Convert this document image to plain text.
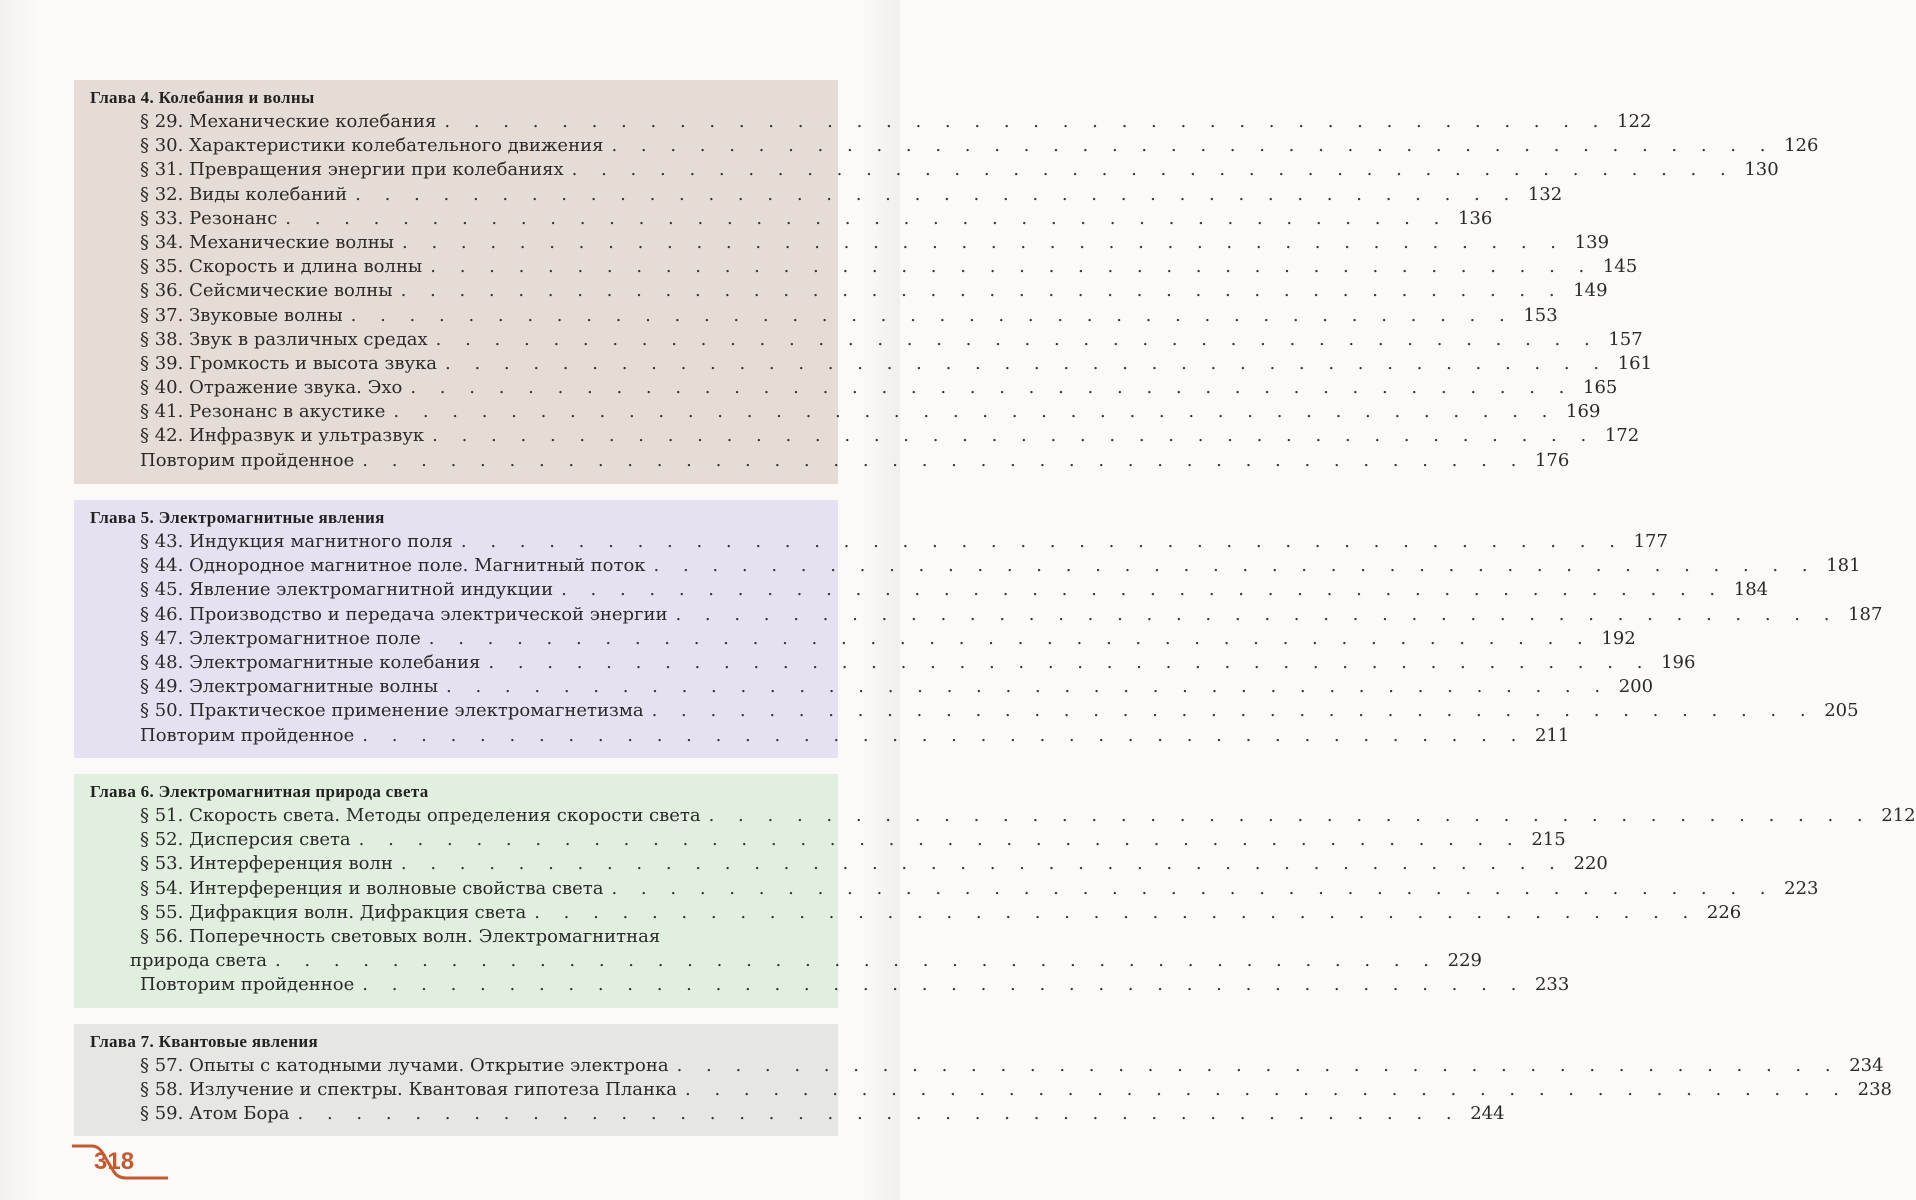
Глава 4. Колебания и волны
§ 29. Механические колебания . . . . . . . . . . . . . . . . . . . . . . . . . . . . . . . . . . . . . . . . 122
§ 30. Характеристики колебательного движения . . . . . . . . . . . . . . . . . . . . . . . . . . . . . . . . . . . . . . . . 126
§ 31. Превращения энергии при колебаниях . . . . . . . . . . . . . . . . . . . . . . . . . . . . . . . . . . . . . . . . 130
§ 32. Виды колебаний . . . . . . . . . . . . . . . . . . . . . . . . . . . . . . . . . . . . . . . . 132
§ 33. Резонанс . . . . . . . . . . . . . . . . . . . . . . . . . . . . . . . . . . . . . . . . 136
§ 34. Механические волны . . . . . . . . . . . . . . . . . . . . . . . . . . . . . . . . . . . . . . . . 139
§ 35. Скорость и длина волны . . . . . . . . . . . . . . . . . . . . . . . . . . . . . . . . . . . . . . . . 145
§ 36. Сейсмические волны . . . . . . . . . . . . . . . . . . . . . . . . . . . . . . . . . . . . . . . . 149
§ 37. Звуковые волны . . . . . . . . . . . . . . . . . . . . . . . . . . . . . . . . . . . . . . . . 153
§ 38. Звук в различных средах . . . . . . . . . . . . . . . . . . . . . . . . . . . . . . . . . . . . . . . . 157
§ 39. Громкость и высота звука . . . . . . . . . . . . . . . . . . . . . . . . . . . . . . . . . . . . . . . . 161
§ 40. Отражение звука. Эхо . . . . . . . . . . . . . . . . . . . . . . . . . . . . . . . . . . . . . . . . 165
§ 41. Резонанс в акустике . . . . . . . . . . . . . . . . . . . . . . . . . . . . . . . . . . . . . . . . 169
§ 42. Инфразвук и ультразвук . . . . . . . . . . . . . . . . . . . . . . . . . . . . . . . . . . . . . . . . 172
Повторим пройденное . . . . . . . . . . . . . . . . . . . . . . . . . . . . . . . . . . . . . . . . 176
Глава 5. Электромагнитные явления
§ 43. Индукция магнитного поля . . . . . . . . . . . . . . . . . . . . . . . . . . . . . . . . . . . . . . . . 177
§ 44. Однородное магнитное поле. Магнитный поток . . . . . . . . . . . . . . . . . . . . . . . . . . . . . . . . . . . . . . . . 181
§ 45. Явление электромагнитной индукции . . . . . . . . . . . . . . . . . . . . . . . . . . . . . . . . . . . . . . . . 184
§ 46. Производство и передача электрической энергии . . . . . . . . . . . . . . . . . . . . . . . . . . . . . . . . . . . . . . . . 187
§ 47. Электромагнитное поле . . . . . . . . . . . . . . . . . . . . . . . . . . . . . . . . . . . . . . . . 192
§ 48. Электромагнитные колебания . . . . . . . . . . . . . . . . . . . . . . . . . . . . . . . . . . . . . . . . 196
§ 49. Электромагнитные волны . . . . . . . . . . . . . . . . . . . . . . . . . . . . . . . . . . . . . . . . 200
§ 50. Практическое применение электромагнетизма . . . . . . . . . . . . . . . . . . . . . . . . . . . . . . . . . . . . . . . . 205
Повторим пройденное . . . . . . . . . . . . . . . . . . . . . . . . . . . . . . . . . . . . . . . . 211
Глава 6. Электромагнитная природа света
§ 51. Скорость света. Методы определения скорости света . . . . . . . . . . . . . . . . . . . . . . . . . . . . . . . . . . . . . . . . 212
§ 52. Дисперсия света . . . . . . . . . . . . . . . . . . . . . . . . . . . . . . . . . . . . . . . . 215
§ 53. Интерференция волн . . . . . . . . . . . . . . . . . . . . . . . . . . . . . . . . . . . . . . . . 220
§ 54. Интерференция и волновые свойства света . . . . . . . . . . . . . . . . . . . . . . . . . . . . . . . . . . . . . . . . 223
§ 55. Дифракция волн. Дифракция света . . . . . . . . . . . . . . . . . . . . . . . . . . . . . . . . . . . . . . . . 226
§ 56. Поперечность световых волн. Электромагнитная
природа света . . . . . . . . . . . . . . . . . . . . . . . . . . . . . . . . . . . . . . . . 229
Повторим пройденное . . . . . . . . . . . . . . . . . . . . . . . . . . . . . . . . . . . . . . . . 233
Глава 7. Квантовые явления
§ 57. Опыты с катодными лучами. Открытие электрона . . . . . . . . . . . . . . . . . . . . . . . . . . . . . . . . . . . . . . . . 234
§ 58. Излучение и спектры. Квантовая гипотеза Планка . . . . . . . . . . . . . . . . . . . . . . . . . . . . . . . . . . . . . . . . 238
§ 59. Атом Бора . . . . . . . . . . . . . . . . . . . . . . . . . . . . . . . . . . . . . . . . 244
318
